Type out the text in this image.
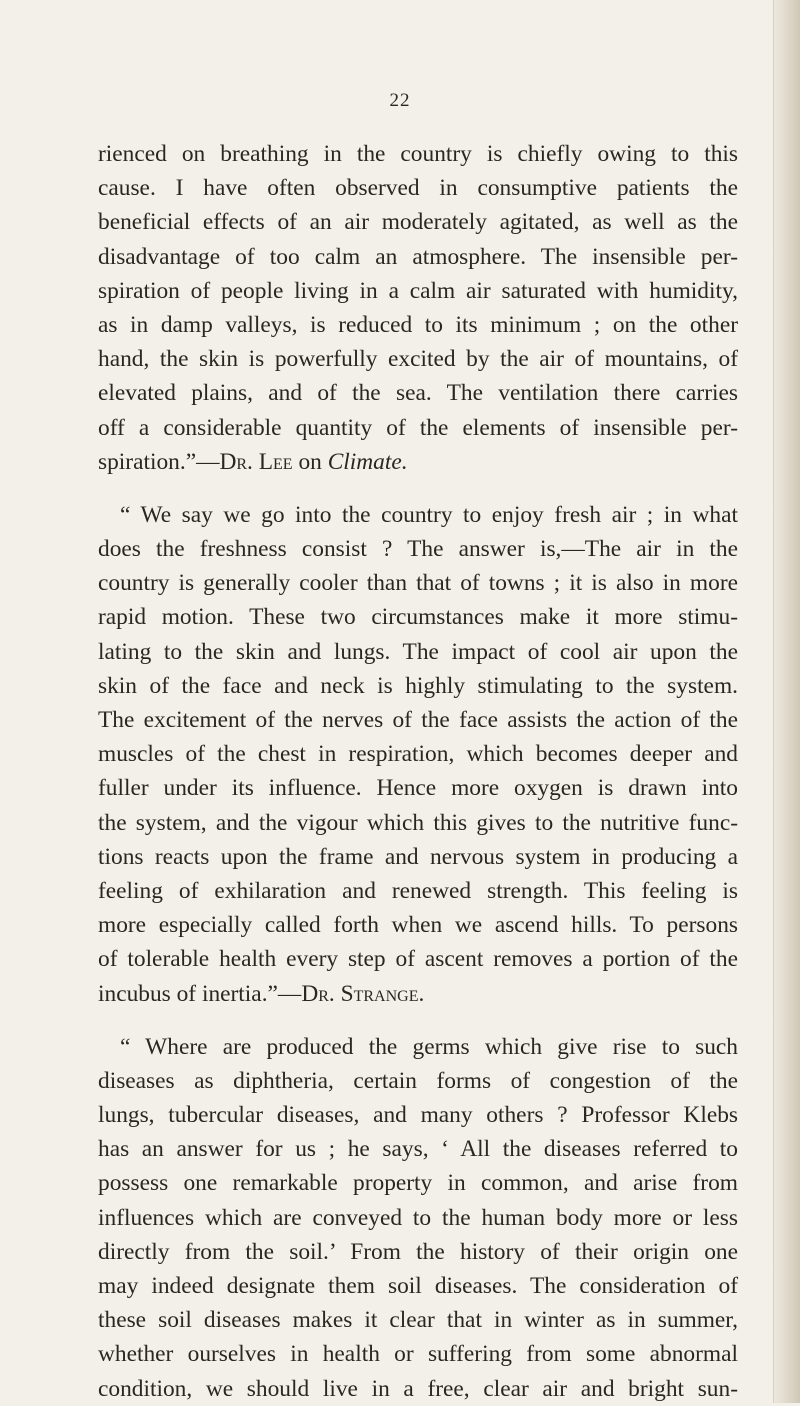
22
rienced on breathing in the country is chiefly owing to this
cause. I have often observed in consumptive patients the
beneficial effects of an air moderately agitated, as well as the
disadvantage of too calm an atmosphere. The insensible per-
spiration of people living in a calm air saturated with humidity,
as in damp valleys, is reduced to its minimum ; on the other
hand, the skin is powerfully excited by the air of mountains, of
elevated plains, and of the sea. The ventilation there carries
off a considerable quantity of the elements of insensible per-
spiration.”—Dr. Lee on Climate.
“ We say we go into the country to enjoy fresh air ; in what
does the freshness consist ? The answer is,—The air in the
country is generally cooler than that of towns ; it is also in more
rapid motion. These two circumstances make it more stimu-
lating to the skin and lungs. The impact of cool air upon the
skin of the face and neck is highly stimulating to the system.
The excitement of the nerves of the face assists the action of the
muscles of the chest in respiration, which becomes deeper and
fuller under its influence. Hence more oxygen is drawn into
the system, and the vigour which this gives to the nutritive func-
tions reacts upon the frame and nervous system in producing a
feeling of exhilaration and renewed strength. This feeling is
more especially called forth when we ascend hills. To persons
of tolerable health every step of ascent removes a portion of the
incubus of inertia.”—Dr. Strange.
“ Where are produced the germs which give rise to such
diseases as diphtheria, certain forms of congestion of the
lungs, tubercular diseases, and many others ? Professor Klebs
has an answer for us ; he says, ‘ All the diseases referred to
possess one remarkable property in common, and arise from
influences which are conveyed to the human body more or less
directly from the soil.’ From the history of their origin one
may indeed designate them soil diseases. The consideration of
these soil diseases makes it clear that in winter as in summer,
whether ourselves in health or suffering from some abnormal
condition, we should live in a free, clear air and bright sun-
